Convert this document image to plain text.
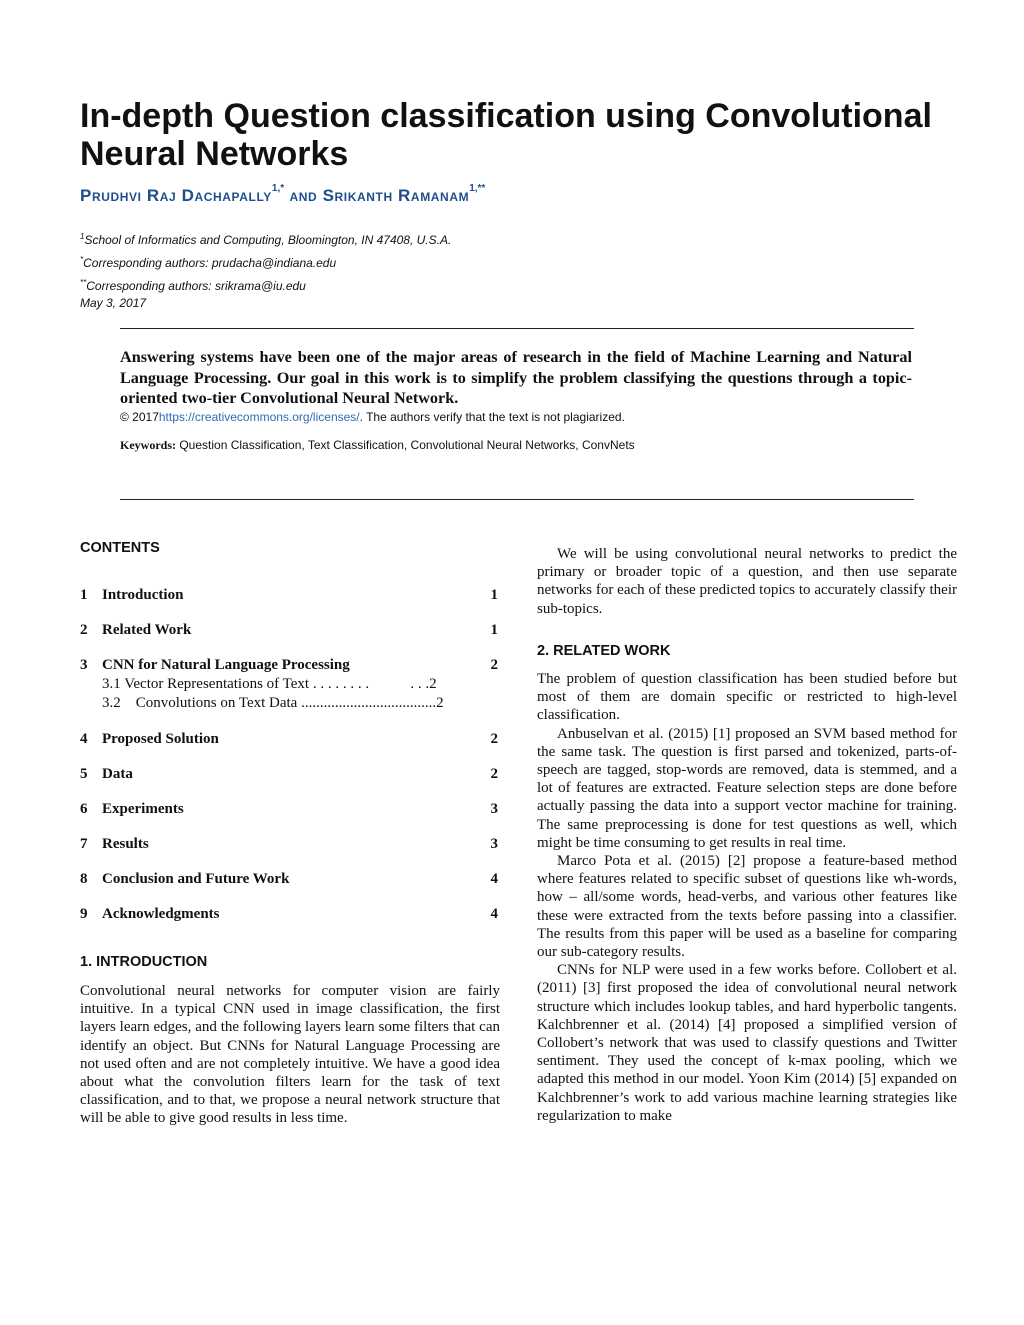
In-depth Question classification using Convolutional Neural Networks
Prudhvi Raj Dachapally$^{1,*}$ and Srikanth Ramanam$^{1,**}$
$^1$School of Informatics and Computing, Bloomington, IN 47408, U.S.A.
*Corresponding authors: prudacha@indiana.edu
**Corresponding authors: srikrama@iu.edu
May 3, 2017

Answering systems have been one of the major areas of research in the field of Machine Learning and Natural Language Processing. Our goal in this work is to simplify the problem classifying the questions through a topic-oriented two-tier Convolutional Neural Network.

© 2017https://creativecommons.org/licenses/. The authors verify that the text is not plagiarized.
Keywords: Question Classification, Text Classification, Convolutional Neural Networks, ConvNets
CONTENTS
1 Introduction	1
2 Related Work	1
3 CNN for Natural Language Processing	2
3.1 Vector Representations of Text . . . . . . . .           . . .2
3.2    Convolutions on Text Data ....................................2
4 Proposed Solution	2
5 Data	2
6 Experiments	3
7 Results	3
8 Conclusion and Future Work	4
9 Acknowledgments	4
1. INTRODUCTION

Convolutional neural networks for computer vision are fairly intuitive. In a typical CNN used in image classification, the first layers learn edges, and the following layers learn some filters that can identify an object. But CNNs for Natural Language Processing are not used often and are not completely intuitive. We have a good idea about what the convolution filters learn for the task of text classification, and to that, we propose a neural network structure that will be able to give good results in less time.

We will be using convolutional neural networks to predict the primary or broader topic of a question, and then use separate networks for each of these predicted topics to accurately classify their sub-topics.

2. RELATED WORK

The problem of question classification has been studied before but most of them are domain specific or restricted to high-level classification.

Anbuselvan et al. (2015) [1] proposed an SVM based method for the same task. The question is first parsed and tokenized, parts-of-speech are tagged, stop-words are removed, data is stemmed, and a lot of features are extracted. Feature selection steps are done before actually passing the data into a support vector machine for training. The same preprocessing is done for test questions as well, which might be time consuming to get results in real time.

Marco Pota et al. (2015) [2] propose a feature-based method where features related to specific subset of questions like wh-words, how – all/some words, head-verbs, and various other features like these were extracted from the texts before passing into a classifier. The results from this paper will be used as a baseline for comparing our sub-category results.

CNNs for NLP were used in a few works before. Collobert et al. (2011) [3] first proposed the idea of convolutional neural network structure which includes lookup tables, and hard hyperbolic tangents. Kalchbrenner et al. (2014) [4] proposed a simplified version of Collobert’s network that was used to classify questions and Twitter sentiment. They used the concept of k-max pooling, which we adapted this method in our model. Yoon Kim (2014) [5] expanded on Kalchbrenner’s work to add various machine learning strategies like regularization to make
